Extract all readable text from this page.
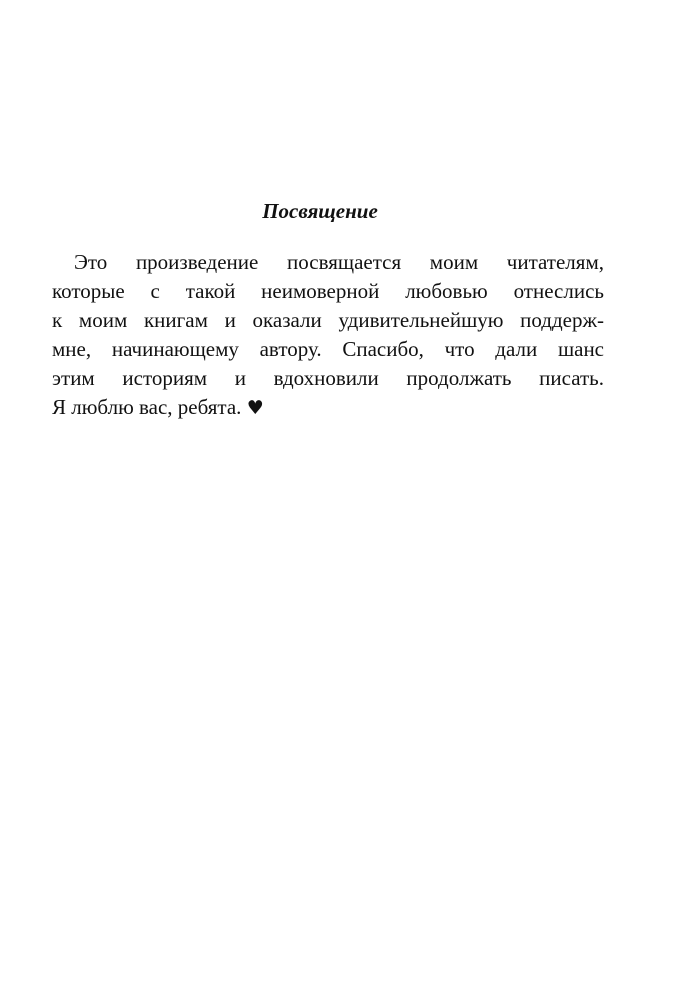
Посвящение
Это произведение посвящается моим читателям,
которые с такой неимоверной любовью отнеслись
к моим книгам и оказали удивительнейшую поддерж-
мне, начинающему автору. Спасибо, что дали шанс
этим историям и вдохновили продолжать писать.
Я люблю вас, ребята. ♥
